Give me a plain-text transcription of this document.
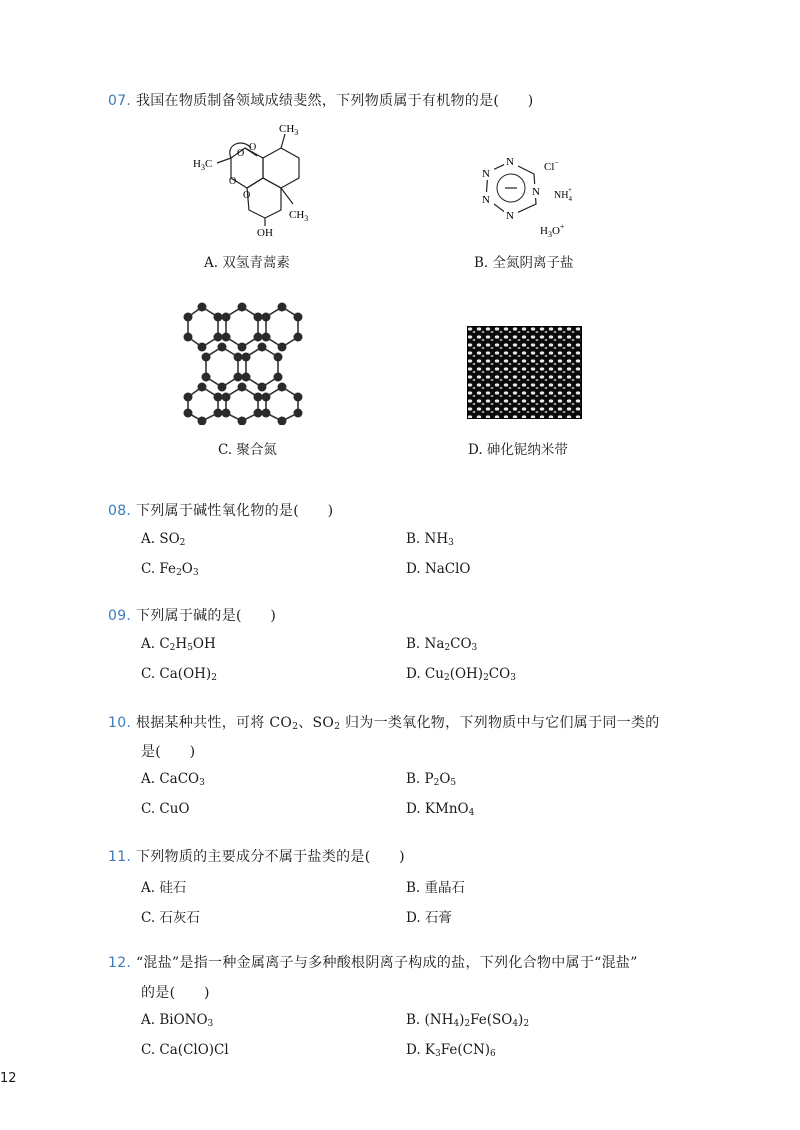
07. 我国在物质制备领域成绩斐然，下列物质属于有机物的是(　　)
$CH_3$
$H_3C$
O
O
O
O
$CH_3$
OH
N
N
N
N
N
Cl−
$NH_4+$
$H_3O^+$
A. 双氢青蒿素	B. 全氮阴离子盐
C. 聚合氮	D. 砷化铌纳米带
08. 下列属于碱性氧化物的是(　　)
A. $SO_2$	B. $NH_3$
C. $Fe_2O_3$	D. NaClO
09. 下列属于碱的是(　　)
A. $C_2H_5OH$	B. $Na_2CO_3$
C. $Ca(OH)_2$	D. $Cu_2(OH)_2CO_3$
10. 根据某种共性，可将 $CO_2$、$SO_2$ 归为一类氧化物，下列物质中与它们属于同一类的
是(　　)
A. CaCO$_3$	B. $P_2O_5$
C. CuO	D. KMnO$_4$
11. 下列物质的主要成分不属于盐类的是(　　)
A. 硅石	B. 重晶石
C. 石灰石	D. 石膏
12. “混盐”是指一种金属离子与多种酸根阴离子构成的盐，下列化合物中属于“混盐”
的是(　　)
A. BiONO$_3$	B. $(NH_4)_2Fe(SO_4)_2$
C. Ca(ClO)Cl	D. $K_3Fe(CN)_6$
12
